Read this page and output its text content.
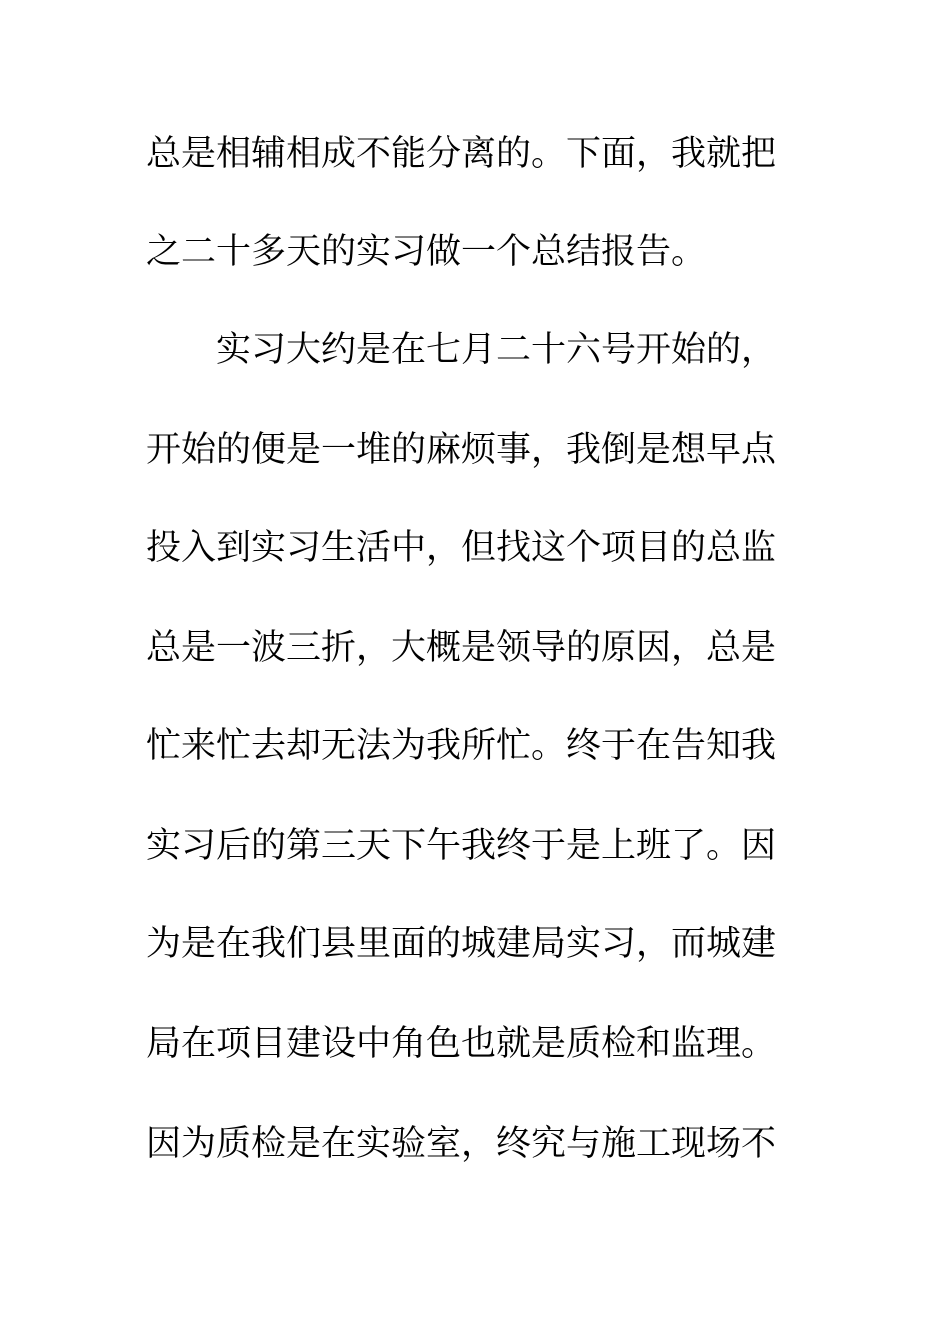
总是相辅相成不能分离的。下面，我就把
之二十多天的实习做一个总结报告。
实习大约是在七月二十六号开始的，
开始的便是一堆的麻烦事，我倒是想早点
投入到实习生活中，但找这个项目的总监
总是一波三折，大概是领导的原因，总是
忙来忙去却无法为我所忙。终于在告知我
实习后的第三天下午我终于是上班了。因
为是在我们县里面的城建局实习，而城建
局在项目建设中角色也就是质检和监理。
因为质检是在实验室，终究与施工现场不
